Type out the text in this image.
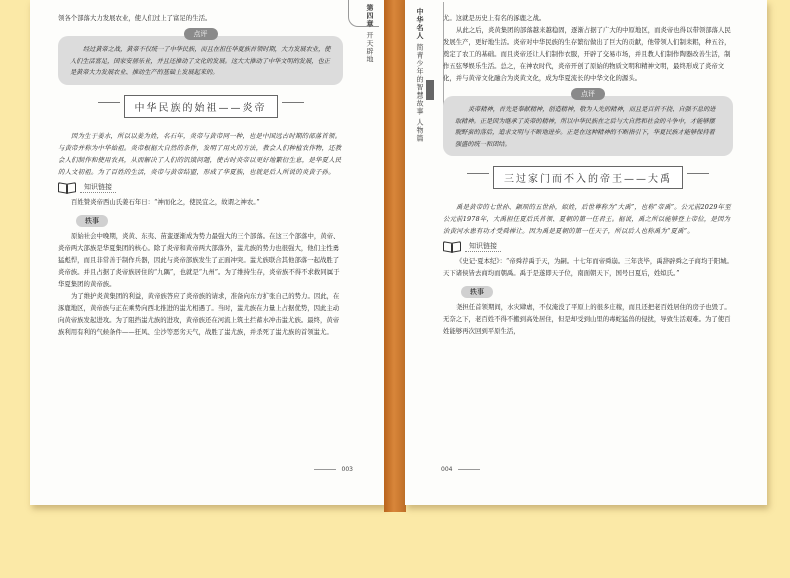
第四章 开天辟地

领各个部落大力发展农业，使人们过上了富足的生活。

点评

经过黄帝之战，黄帝不仅统一了中华民族，而且在担任华夏族首领时期，大力发展农业，使人们生活富足，国家安居乐业，并且还推动了文化的发展。这大大推动了中华文明的发展，也正是黄帝大力发展农业、推动生产的基础上发展起来的。

中华民族的始祖——炎帝

因为生于姜水，所以以姜为姓，名石年，炎帝与黄帝同一种，也是中国远古时期的部落首领。与黄帝并称为中华始祖。炎帝根据大自然的条件，发明了用火的方法，教会人们种植农作物，还教会人们制作和使用农具，从而解决了人们的饥饿问题，使古时炎帝以更好地繁衍生息，是华夏人民的人文初祖。为了百姓的生活，炎帝与黄帝结盟，形成了华夏族，也就是后人所说的炎黄子孙。

知识链接

百姓赞炎帝西山氏姜石年日：“神而化之，使民宜之，故谓之神农。”

轶事

原始社会中晚期，炎黄、东夷、苗蛮逐渐成为势力最强大的三个部落。在这三个部落中，黄帝、炎帝两大部族是华夏集团的核心。除了炎帝和黄帝两大部落外，蚩尤族的势力也很强大，他们主性勇猛彪悍，而且非常善于制作兵器，因此与炎帝部族发生了正面冲突。蚩尤族联合其他部落一起战胜了炎帝族。并且占据了炎帝族居住的“九隅”，也就是“九州”。为了维持生存，炎帝族不得不求救同属于华夏集团的黄帝族。

为了维护炎黄集团的利益，黄帝族答应了炎帝族的请求，准备向东方扩张自己的势力。因此，在涿鹿地区，黄帝族与正在乘势向西北推进的蚩尤相遇了。当时，蚩尤族在力量上占据优势，因此主动向黄帝族发起进攻。为了阻挡蚩尤族的进攻，黄帝族还在河流上筑土拦蓄水冲击蚩尤族。最终，黄帝族利用有利的气候条件——狂风、尘沙等恶劣天气，战胜了蚩尤族，并杀死了蚩尤族的首领蚩尤。

003
中华名人 简青少年的智慧故事 人物篇

尤。这就是历史上有名的涿鹿之战。

从此之后，炎黄集团的部落越来越稳固，逐渐占据了广大的中原地区，而炎帝也得以带领部落人民发展生产，更好地生活。炎帝对中华民族的生存繁衍做出了巨大的贡献，他带领人们制耒耜，种五谷，奠定了农工的基础。而且炎帝还让人们制作衣服，开辟了交易市场，并且教人们制作陶器改善生活，制作五弦琴娱乐生活。总之，在神农时代，炎帝开创了原始的物质文明和精神文明，最终形成了炎帝文化，并与黄帝文化融合为炎黄文化，成为华夏流长的中华文化的源头。

点评

炎帝精神，首先是奉献精神，创造精神，敬为人先的精神，而且是百折不挠、自强不息的进取精神。正是因为继承了炎帝的精神，所以中华民族在之后与大自然和社会的斗争中，才能够摆脱野蛮的落后，追求文明与不断地进步。正是在这种精神的不断指引下，华夏民族才能够保持着强盛的统一和团结。

三过家门而不入的帝王——大禹

禹是黄帝的七世孙、颛顼的五世孙，姒姓，后世尊称为“大禹”，也称“帝禹”。公元前2029年至公元前1978年，大禹担任夏后氏首领、夏朝的第一任君王。据说，禹之所以能够登上帝位，是因为治黄河水患有功才受舜禅让。因为禹是夏朝的第一任天子，所以后人也称禹为“夏禹”。

知识链接

《史记·夏本纪》：“帝舜荐禹于天，为嗣。十七年而帝舜崩。三年丧毕，禹辞辟舜之子商均于阳城。天下诸侯皆去商均而朝禹。禹于是遂即天子位，南面朝天下，国号曰夏后，姓姒氏。”

轶事

尧担任首领期间，水灾肆虐，不仅淹没了平原上的很多庄稼，而且还把老百姓居住的房子也毁了。无奈之下，老百姓不得不搬到高处居住，但是却受到山里的毒蛇猛兽的侵扰，导致生活艰难。为了使百姓能够再次回到平原生活，

004
